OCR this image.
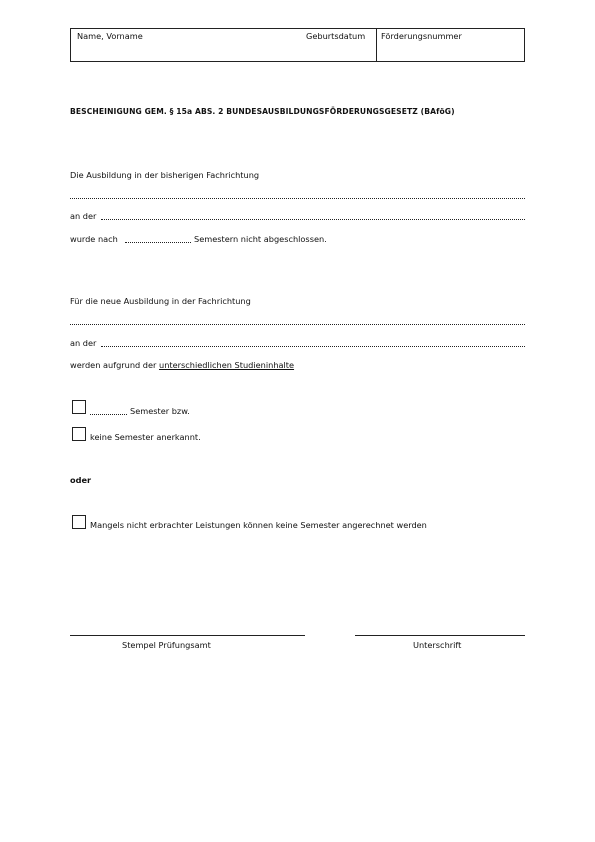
Name, Vorname	Geburtsdatum Förderungsnummer
BESCHEINIGUNG GEM. § 15a ABS. 2 BUNDESAUSBILDUNGSFÖRDERUNGSGESETZ (BAföG)
Die Ausbildung in der bisherigen Fachrichtung
an der
wurde nach	Semestern nicht abgeschlossen.
Für die neue Ausbildung in der Fachrichtung
an der
werden aufgrund der unterschiedlichen Studieninhalte
Semester bzw.
keine Semester anerkannt.
oder
Mangels nicht erbrachter Leistungen können keine Semester angerechnet werden
Stempel Prüfungsamt	Unterschrift
